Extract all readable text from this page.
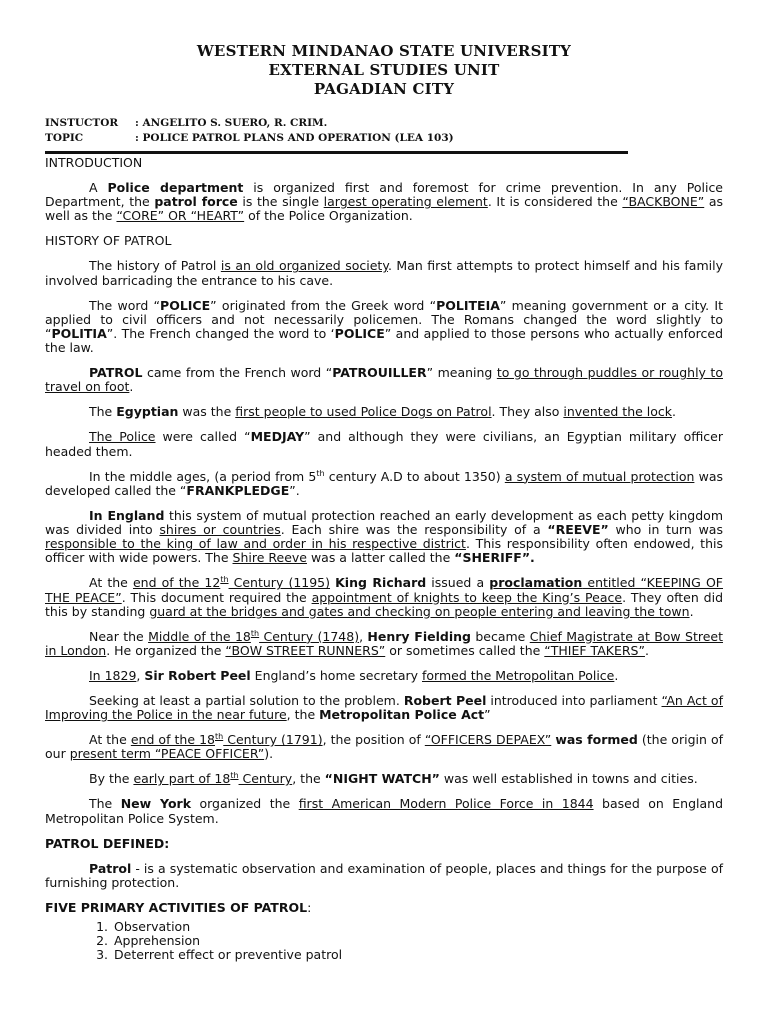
WESTERN MINDANAO STATE UNIVERSITY
EXTERNAL STUDIES UNIT
PAGADIAN CITY
INSTUCTOR : ANGELITO S. SUERO, R. CRIM.
TOPIC	: POLICE PATROL PLANS AND OPERATION (LEA 103)

INTRODUCTION

A Police department is organized first and foremost for crime prevention. In any Police Department, the patrol force is the single largest operating element. It is considered the “BACKBONE” as well as the “CORE” OR “HEART” of the Police Organization.

HISTORY OF PATROL

The history of Patrol is an old organized society. Man first attempts to protect himself and his family involved barricading the entrance to his cave.

The word “POLICE” originated from the Greek word “POLITEIA” meaning government or a city. It applied to civil officers and not necessarily policemen. The Romans changed the word slightly to “POLITIA”. The French changed the word to ‘POLICE” and applied to those persons who actually enforced the law.

PATROL came from the French word “PATROUILLER” meaning to go through puddles or roughly to travel on foot.

The Egyptian was the first people to used Police Dogs on Patrol. They also invented the lock.

The Police were called “MEDJAY” and although they were civilians, an Egyptian military officer headed them.

In the middle ages, (a period from 5th century A.D to about 1350) a system of mutual protection was developed called the “FRANKPLEDGE”.

In England this system of mutual protection reached an early development as each petty kingdom was divided into shires or countries. Each shire was the responsibility of a “REEVE” who in turn was responsible to the king of law and order in his respective district. This responsibility often endowed, this officer with wide powers. The Shire Reeve was a latter called the “SHERIFF”.

At the end of the 12th Century (1195) King Richard issued a proclamation entitled “KEEPING OF THE PEACE”. This document required the appointment of knights to keep the King’s Peace. They often did this by standing guard at the bridges and gates and checking on people entering and leaving the town.

Near the Middle of the 18th Century (1748), Henry Fielding became Chief Magistrate at Bow Street in London. He organized the “BOW STREET RUNNERS” or sometimes called the “THIEF TAKERS”.

In 1829, Sir Robert Peel England’s home secretary formed the Metropolitan Police.

Seeking at least a partial solution to the problem. Robert Peel introduced into parliament “An Act of Improving the Police in the near future, the Metropolitan Police Act”

At the end of the 18th Century (1791), the position of “OFFICERS DEPAEX” was formed (the origin of our present term “PEACE OFFICER”).

By the early part of 18th Century, the “NIGHT WATCH” was well established in towns and cities.

The New York organized the first American Modern Police Force in 1844 based on England Metropolitan Police System.

PATROL DEFINED:

Patrol - is a systematic observation and examination of people, places and things for the purpose of furnishing protection.

FIVE PRIMARY ACTIVITIES OF PATROL:

1. Observation
2. Apprehension
3. Deterrent effect or preventive patrol
